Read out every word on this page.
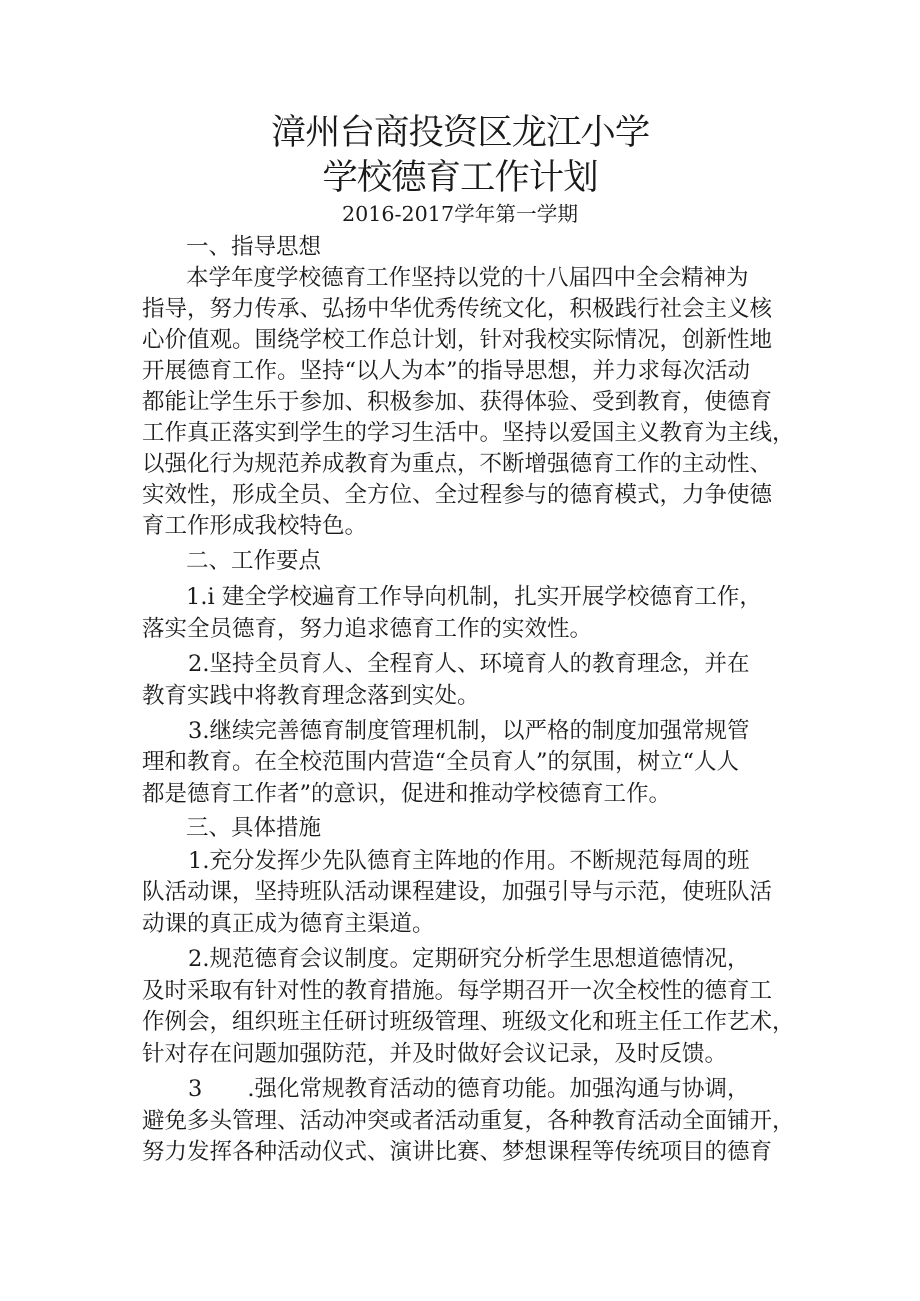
漳州台商投资区龙江小学
学校德育工作计划
2016-2017学年第一学期
一、指导思想
本学年度学校德育工作坚持以党的十八届四中全会精神为
指导，努力传承、弘扬中华优秀传统文化，积极践行社会主义核
心价值观。围绕学校工作总计划，针对我校实际情况，创新性地
开展德育工作。坚持“以人为本”的指导思想，并力求每次活动
都能让学生乐于参加、积极参加、获得体验、受到教育，使德育
工作真正落实到学生的学习生活中。坚持以爱国主义教育为主线，
以强化行为规范养成教育为重点，不断增强德育工作的主动性、
实效性，形成全员、全方位、全过程参与的德育模式，力争使德
育工作形成我校特色。
二、工作要点
1.i 建全学校遍育工作导向机制，扎实开展学校德育工作，
落实全员德育，努力追求德育工作的实效性。
2.坚持全员育人、全程育人、环境育人的教育理念，并在
教育实践中将教育理念落到实处。
3.继续完善德育制度管理机制，以严格的制度加强常规管
理和教育。在全校范围内营造“全员育人”的氛围，树立“人人
都是德育工作者”的意识，促进和推动学校德育工作。
三、具体措施
1.充分发挥少先队德育主阵地的作用。不断规范每周的班
队活动课，坚持班队活动课程建设，加强引导与示范，使班队活
动课的真正成为德育主渠道。
2.规范德育会议制度。定期研究分析学生思想道德情况，
及时采取有针对性的教育措施。每学期召开一次全校性的德育工
作例会，组织班主任研讨班级管理、班级文化和班主任工作艺术，
针对存在问题加强防范，并及时做好会议记录，及时反馈。
3　　.强化常规教育活动的德育功能。加强沟通与协调，
避免多头管理、活动冲突或者活动重复，各种教育活动全面铺开，
努力发挥各种活动仪式、演讲比赛、梦想课程等传统项目的德育
